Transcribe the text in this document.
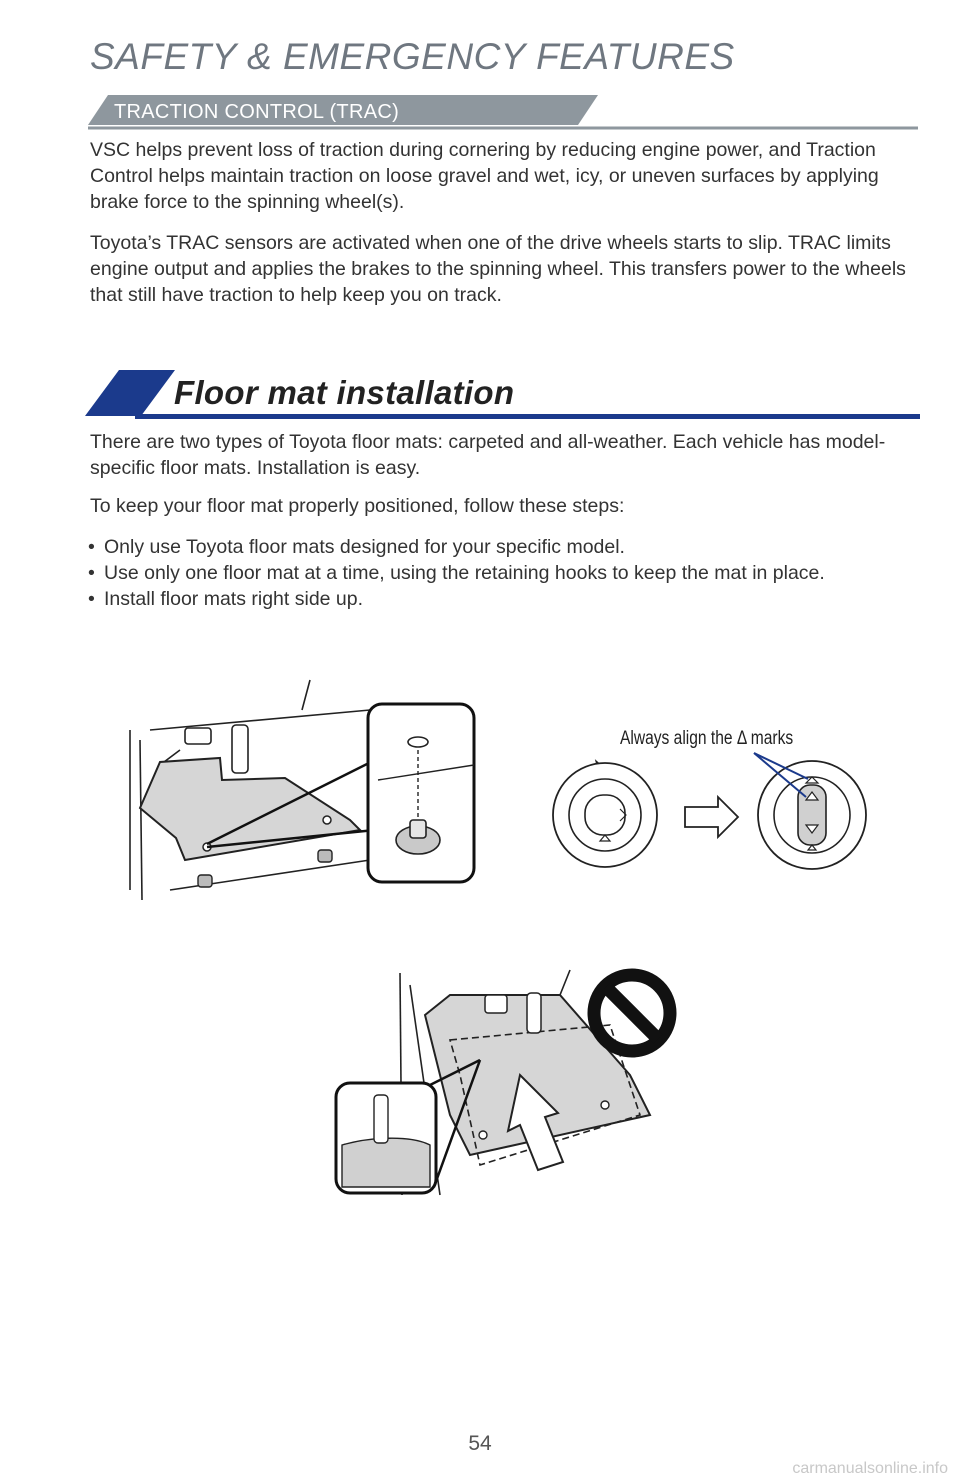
SAFETY & EMERGENCY FEATURES
TRACTION CONTROL (TRAC)

VSC helps prevent loss of traction during cornering by reducing engine power, and Traction Control helps maintain traction on loose gravel and wet, icy, or uneven surfaces by applying brake force to the spinning wheel(s).

Toyota’s TRAC sensors are activated when one of the drive wheels starts to slip. TRAC limits engine output and applies the brakes to the spinning wheel. This transfers power to the wheels that still have traction to help keep you on track.

Floor mat installation

There are two types of Toyota floor mats: carpeted and all-weather. Each vehicle has model-specific floor mats. Installation is easy.

To keep your floor mat properly positioned, follow these steps:

• Only use Toyota floor mats designed for your specific model.
• Use only one floor mat at a time, using the retaining hooks to keep the mat in place.
• Install floor mats right side up.
Always align the Δ marks
54
carmanualsonline.info
